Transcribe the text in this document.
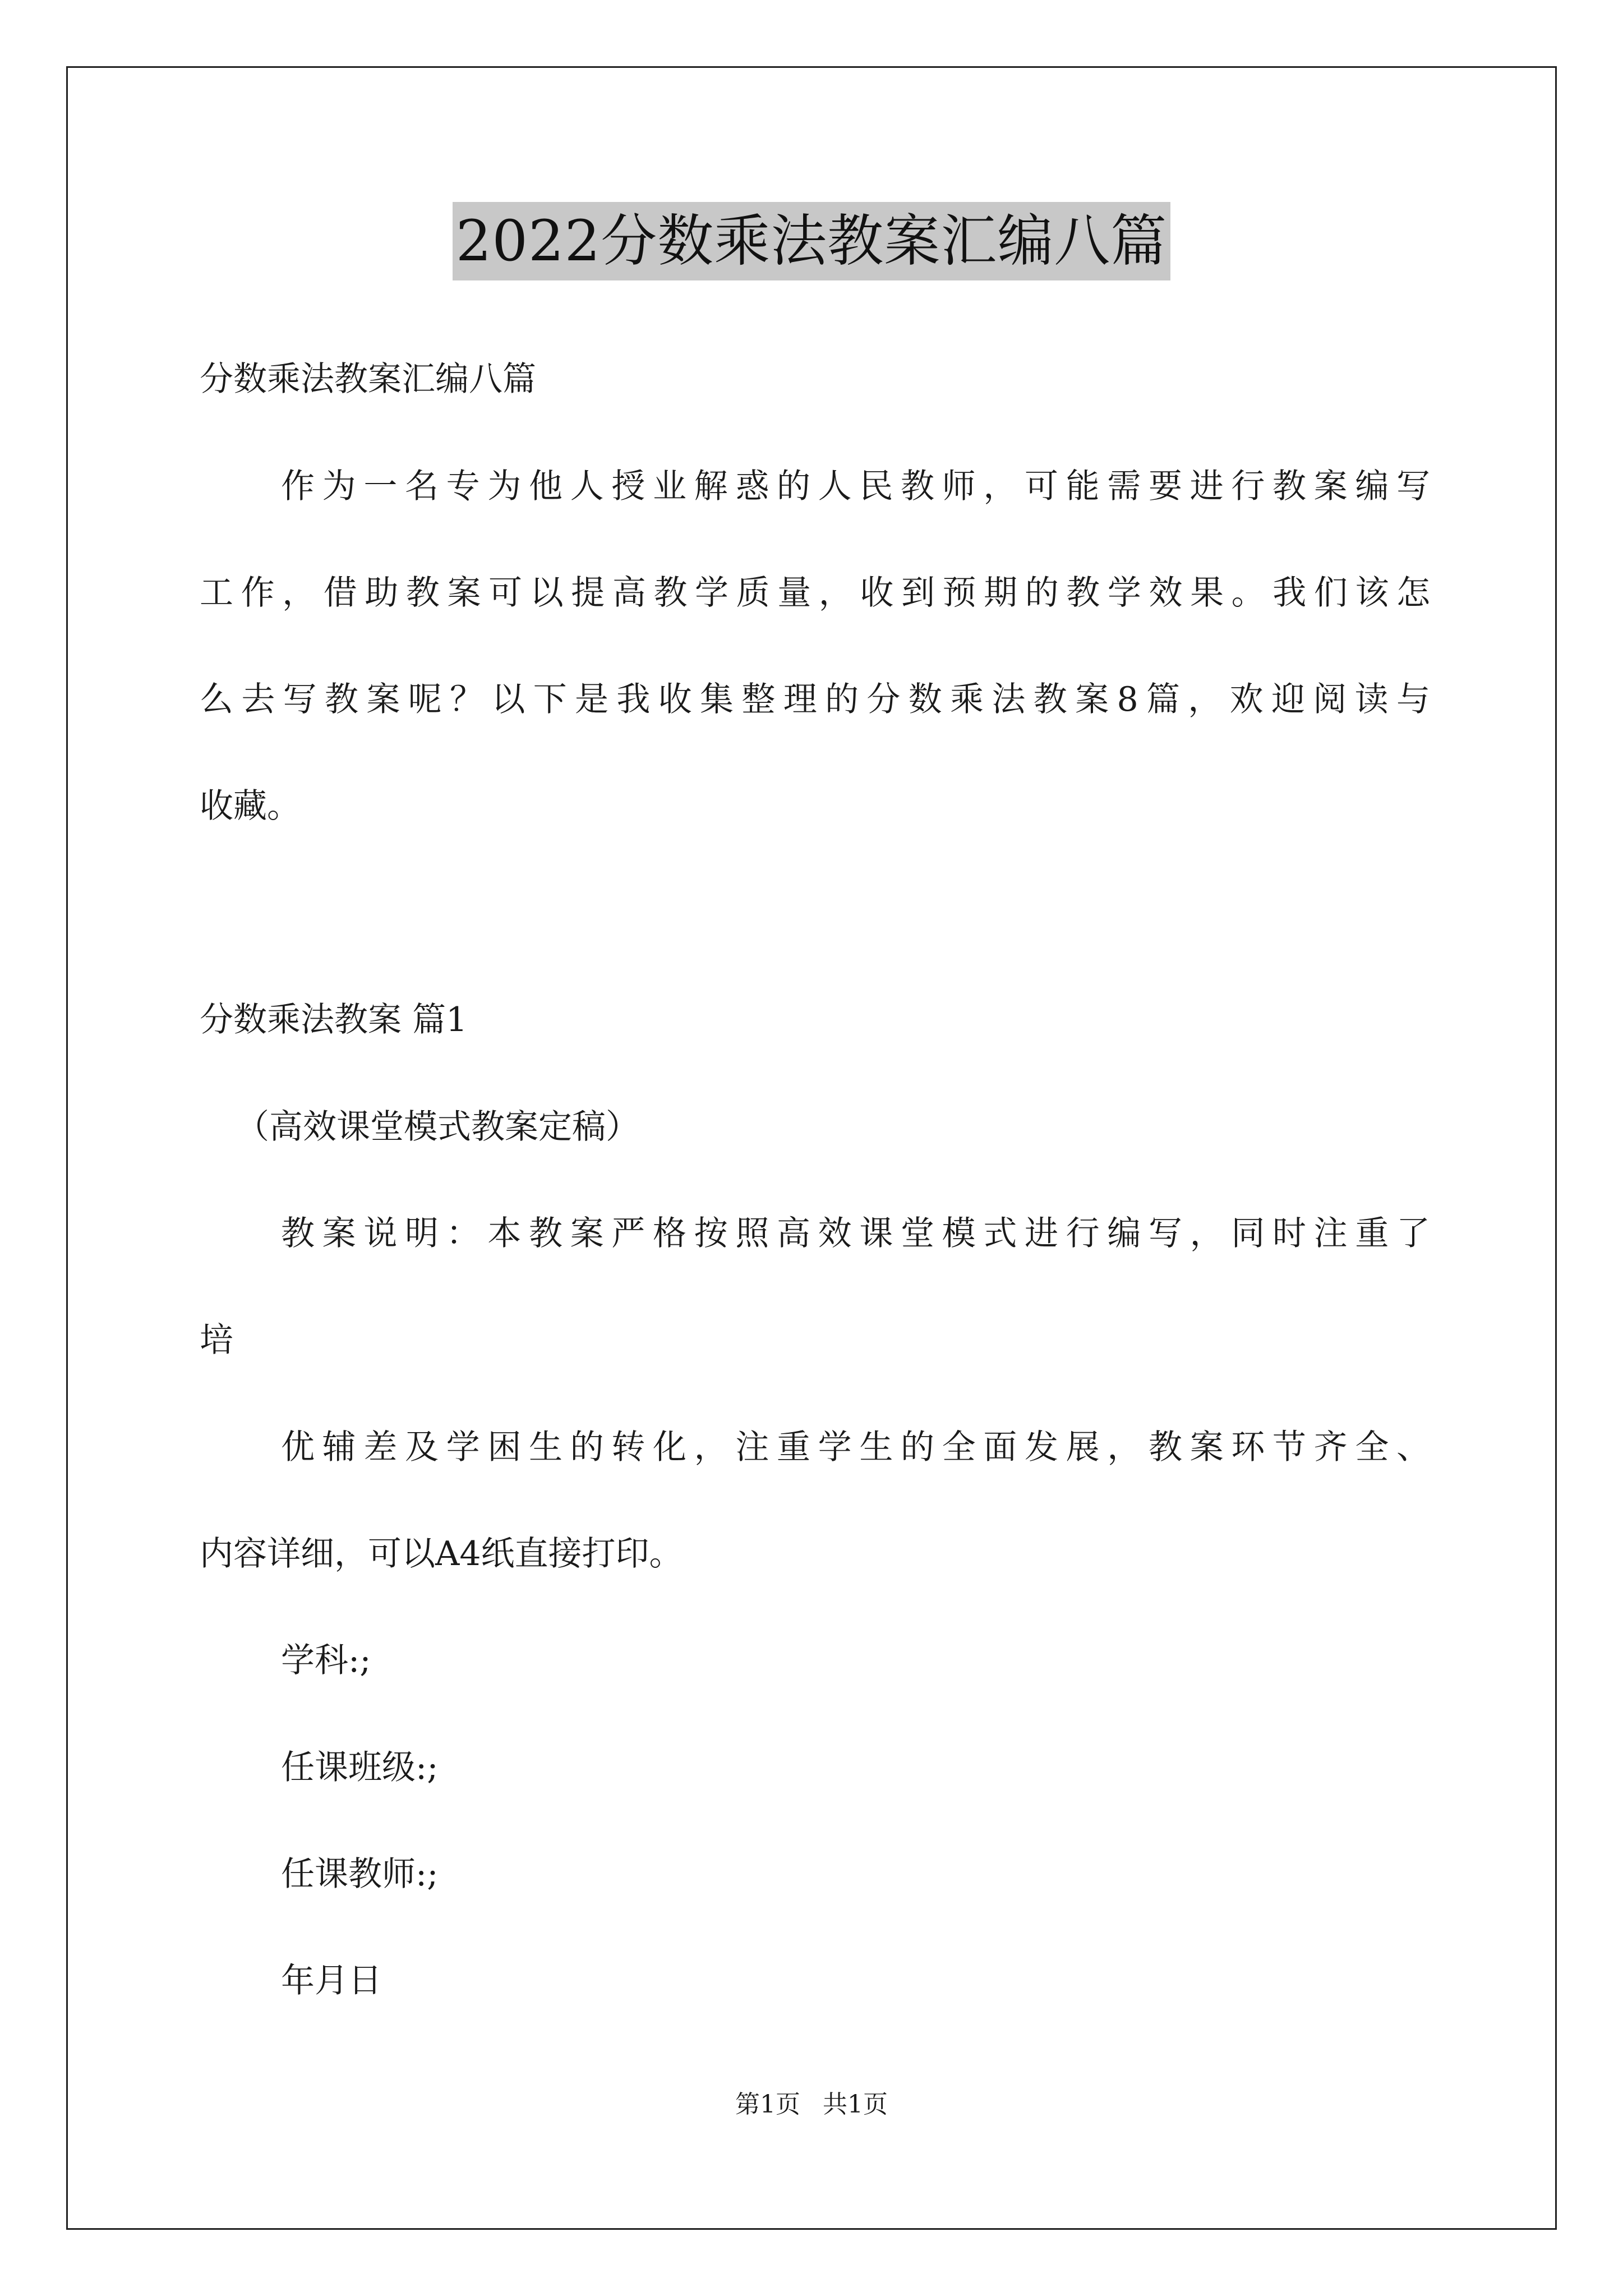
2022分数乘法教案汇编八篇
分数乘法教案汇编八篇
作为一名专为他人授业解惑的人民教师，可能需要进行教案编写
工作，借助教案可以提高教学质量，收到预期的教学效果。我们该怎
么去写教案呢？以下是我收集整理的分数乘法教案8篇，欢迎阅读与
收藏。
分数乘法教案 篇1
（高效课堂模式教案定稿）
教案说明：本教案严格按照高效课堂模式进行编写，同时注重了
培
优辅差及学困生的转化，注重学生的全面发展，教案环节齐全、
内容详细，可以A4纸直接打印。
学科:;
任课班级:;
任课教师:;
年月日
第1页 共1页
